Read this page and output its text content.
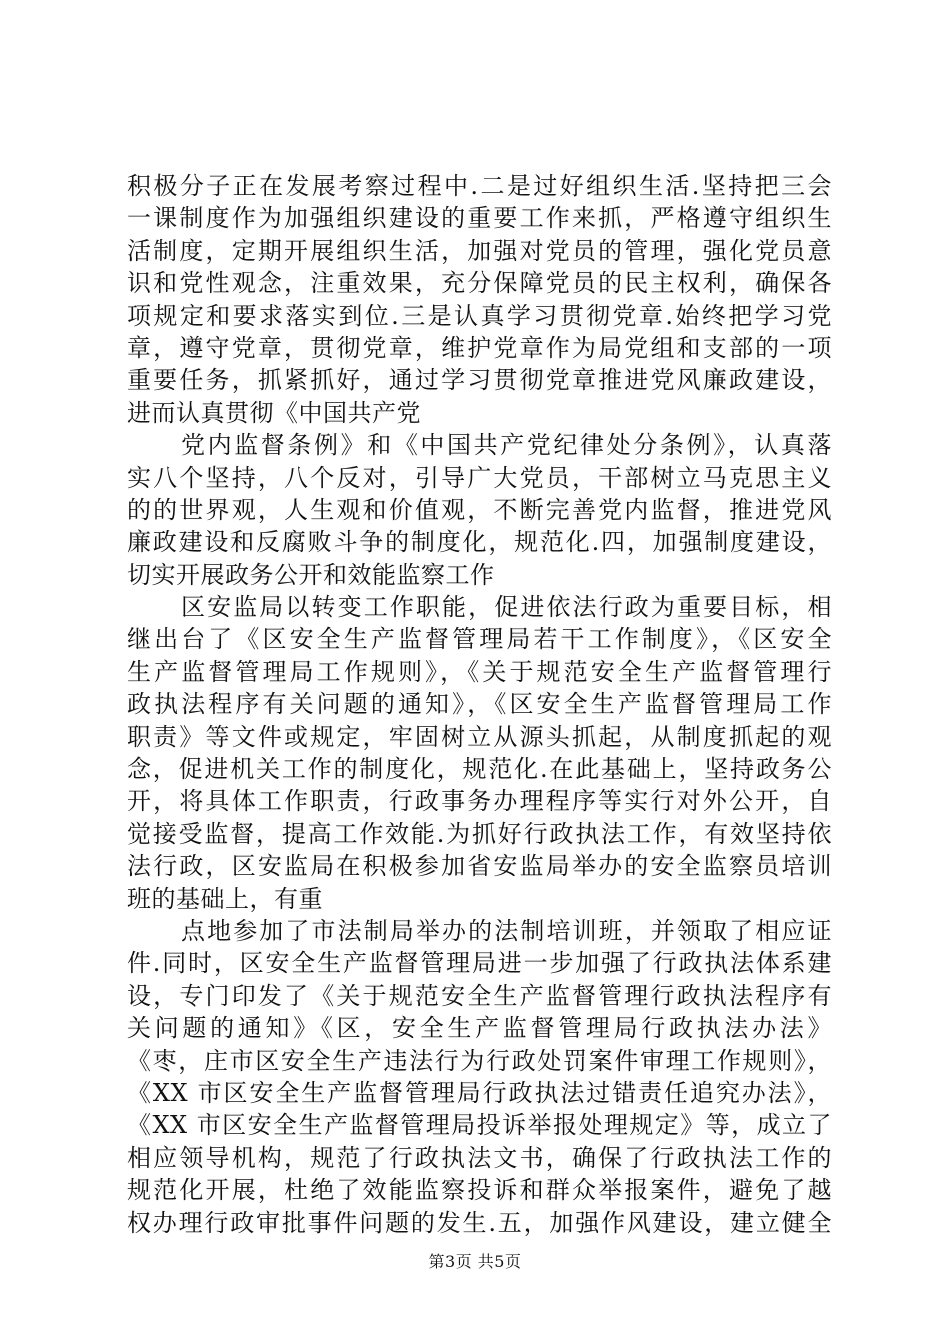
积极分子正在发展考察过程中.二是过好组织生活.坚持把三会
一课制度作为加强组织建设的重要工作来抓，严格遵守组织生
活制度，定期开展组织生活，加强对党员的管理，强化党员意
识和党性观念，注重效果，充分保障党员的民主权利，确保各
项规定和要求落实到位.三是认真学习贯彻党章.始终把学习党
章，遵守党章，贯彻党章，维护党章作为局党组和支部的一项
重要任务，抓紧抓好，通过学习贯彻党章推进党风廉政建设，
进而认真贯彻《中国共产党
党内监督条例》和《中国共产党纪律处分条例》，认真落
实八个坚持，八个反对，引导广大党员，干部树立马克思主义
的的世界观，人生观和价值观，不断完善党内监督，推进党风
廉政建设和反腐败斗争的制度化，规范化.四，加强制度建设，
切实开展政务公开和效能监察工作
区安监局以转变工作职能，促进依法行政为重要目标，相
继出台了《区安全生产监督管理局若干工作制度》，《区安全
生产监督管理局工作规则》，《关于规范安全生产监督管理行
政执法程序有关问题的通知》，《区安全生产监督管理局工作
职责》等文件或规定，牢固树立从源头抓起，从制度抓起的观
念，促进机关工作的制度化，规范化.在此基础上，坚持政务公
开，将具体工作职责，行政事务办理程序等实行对外公开，自
觉接受监督，提高工作效能.为抓好行政执法工作，有效坚持依
法行政，区安监局在积极参加省安监局举办的安全监察员培训
班的基础上，有重
点地参加了市法制局举办的法制培训班，并领取了相应证
件.同时，区安全生产监督管理局进一步加强了行政执法体系建
设，专门印发了《关于规范安全生产监督管理行政执法程序有
关问题的通知》《区，安全生产监督管理局行政执法办法》
《枣，庄市区安全生产违法行为行政处罚案件审理工作规则》，
《XX 市区安全生产监督管理局行政执法过错责任追究办法》，
《XX 市区安全生产监督管理局投诉举报处理规定》等，成立了
相应领导机构，规范了行政执法文书，确保了行政执法工作的
规范化开展，杜绝了效能监察投诉和群众举报案件，避免了越
权办理行政审批事件问题的发生.五，加强作风建设，建立健全
第3页 共5页
